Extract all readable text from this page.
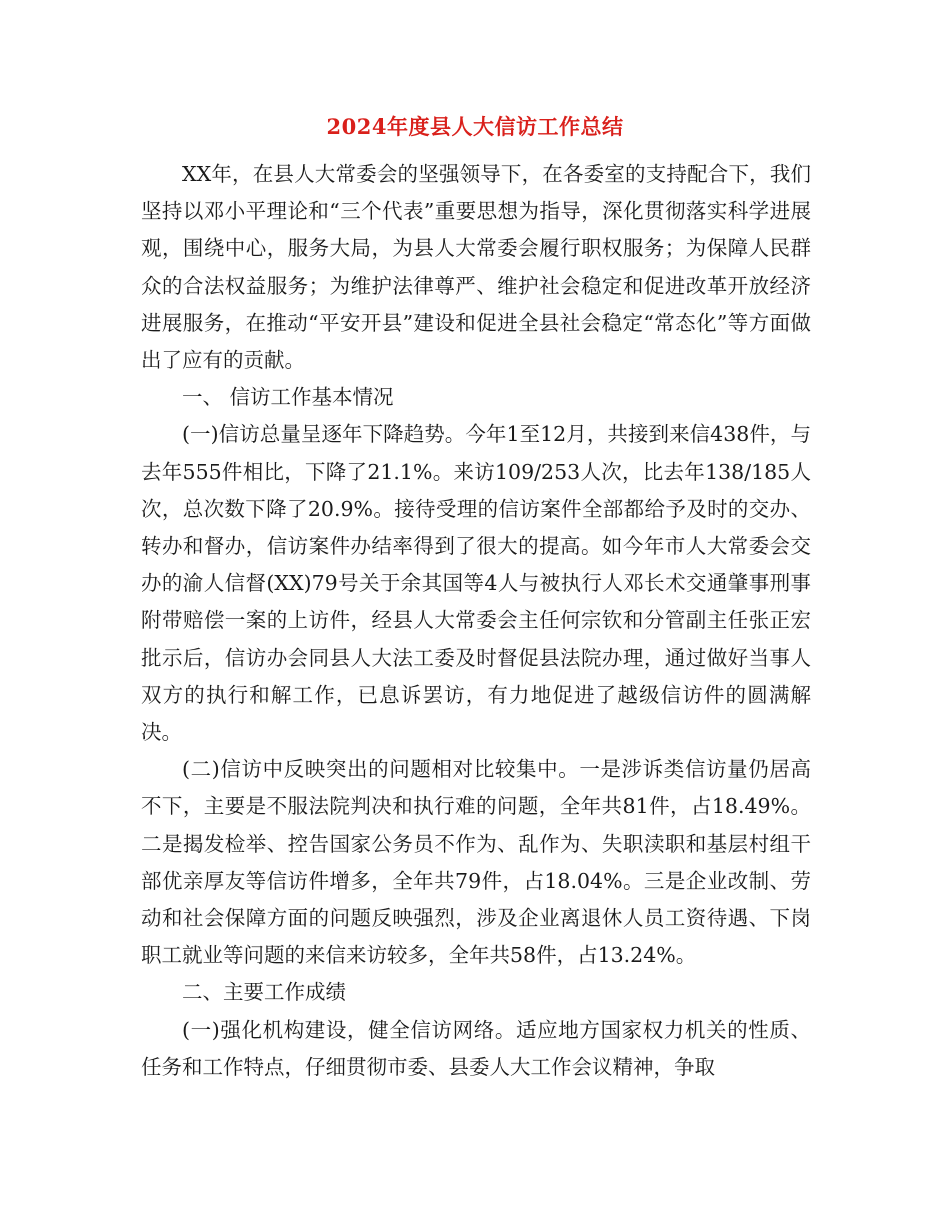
2024年度县人大信访工作总结

XX年，在县人大常委会的坚强领导下，在各委室的支持配合下，我们坚持以邓小平理论和“三个代表”重要思想为指导，深化贯彻落实科学进展观，围绕中心，服务大局，为县人大常委会履行职权服务；为保障人民群众的合法权益服务；为维护法律尊严、维护社会稳定和促进改革开放经济进展服务，在推动“平安开县”建设和促进全县社会稳定“常态化”等方面做出了应有的贡献。

一、 信访工作基本情况

(一)信访总量呈逐年下降趋势。今年1至12月，共接到来信438件，与去年555件相比，下降了21.1%。来访109/253人次，比去年138/185人次，总次数下降了20.9%。接待受理的信访案件全部都给予及时的交办、转办和督办，信访案件办结率得到了很大的提高。如今年市人大常委会交办的渝人信督(XX)79号关于余其国等4人与被执行人邓长术交通肇事刑事附带赔偿一案的上访件，经县人大常委会主任何宗钦和分管副主任张正宏批示后，信访办会同县人大法工委及时督促县法院办理，通过做好当事人双方的执行和解工作，已息诉罢访，有力地促进了越级信访件的圆满解决。

(二)信访中反映突出的问题相对比较集中。一是涉诉类信访量仍居高不下，主要是不服法院判决和执行难的问题，全年共81件，占18.49%。二是揭发检举、控告国家公务员不作为、乱作为、失职渎职和基层村组干部优亲厚友等信访件增多，全年共79件，占18.04%。三是企业改制、劳动和社会保障方面的问题反映强烈，涉及企业离退休人员工资待遇、下岗职工就业等问题的来信来访较多，全年共58件，占13.24%。

二、主要工作成绩

(一)强化机构建设，健全信访网络。适应地方国家权力机关的性质、任务和工作特点，仔细贯彻市委、县委人大工作会议精神，争取
